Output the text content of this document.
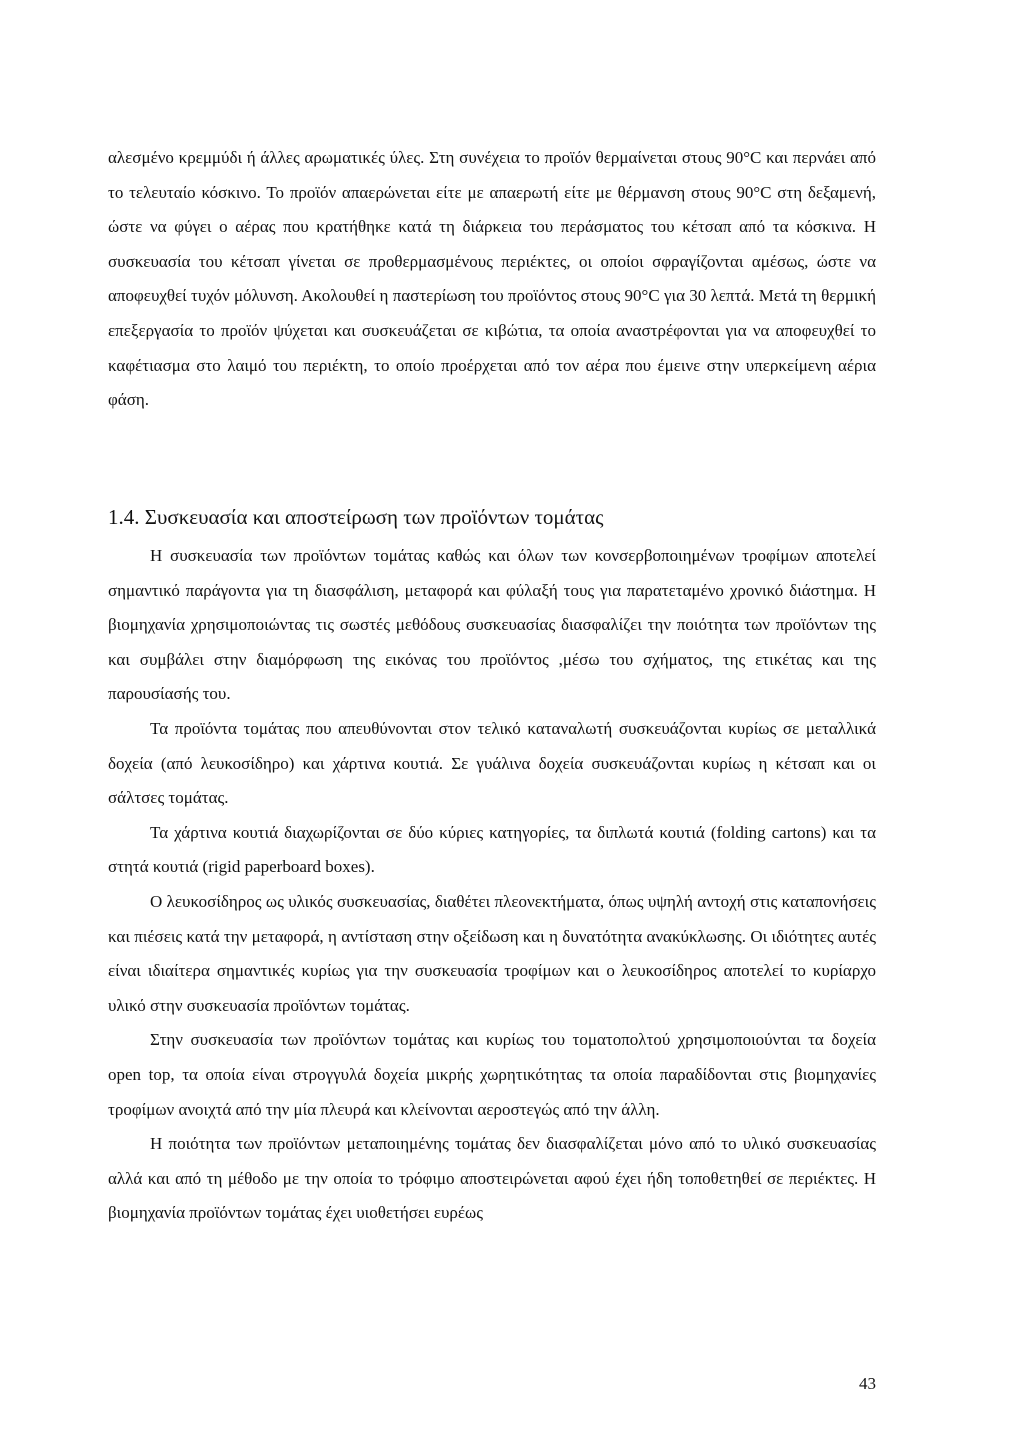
αλεσμένο κρεμμύδι ή άλλες αρωματικές ύλες. Στη συνέχεια το προϊόν θερμαίνεται στους 90°C και περνάει από το τελευταίο κόσκινο. Το προϊόν απαερώνεται είτε με απαερωτή είτε με θέρμανση στους 90°C στη δεξαμενή, ώστε να φύγει ο αέρας που κρατήθηκε κατά τη διάρκεια του περάσματος του κέτσαπ από τα κόσκινα. Η συσκευασία του κέτσαπ γίνεται σε προθερμασμένους περιέκτες, οι οποίοι σφραγίζονται αμέσως, ώστε να αποφευχθεί τυχόν μόλυνση. Ακολουθεί η παστερίωση του προϊόντος στους 90°C για 30 λεπτά. Μετά τη θερμική επεξεργασία το προϊόν ψύχεται και συσκευάζεται σε κιβώτια, τα οποία αναστρέφονται για να αποφευχθεί το καφέτιασμα στο λαιμό του περιέκτη, το οποίο προέρχεται από τον αέρα που έμεινε στην υπερκείμενη αέρια φάση.

1.4. Συσκευασία και αποστείρωση των προϊόντων τομάτας

Η συσκευασία των προϊόντων τομάτας καθώς και όλων των κονσερβοποιημένων τροφίμων αποτελεί σημαντικό παράγοντα για τη διασφάλιση, μεταφορά και φύλαξή τους για παρατεταμένο χρονικό διάστημα. Η βιομηχανία χρησιμοποιώντας τις σωστές μεθόδους συσκευασίας διασφαλίζει την ποιότητα των προϊόντων της και συμβάλει στην διαμόρφωση της εικόνας του προϊόντος ,μέσω του σχήματος, της ετικέτας και της παρουσίασής του.

Τα προϊόντα τομάτας που απευθύνονται στον τελικό καταναλωτή συσκευάζονται κυρίως σε μεταλλικά δοχεία (από λευκοσίδηρο) και χάρτινα κουτιά. Σε γυάλινα δοχεία συσκευάζονται κυρίως η κέτσαπ και οι σάλτσες τομάτας.

Τα χάρτινα κουτιά διαχωρίζονται σε δύο κύριες κατηγορίες, τα διπλωτά κουτιά (folding cartons) και τα στητά κουτιά (rigid paperboard boxes).

Ο λευκοσίδηρος ως υλικός συσκευασίας, διαθέτει πλεονεκτήματα, όπως υψηλή αντοχή στις καταπονήσεις και πιέσεις κατά την μεταφορά, η αντίσταση στην οξείδωση και η δυνατότητα ανακύκλωσης. Οι ιδιότητες αυτές είναι ιδιαίτερα σημαντικές κυρίως για την συσκευασία τροφίμων και ο λευκοσίδηρος αποτελεί το κυρίαρχο υλικό στην συσκευασία προϊόντων τομάτας.

Στην συσκευασία των προϊόντων τομάτας και κυρίως του τοματοπολτού χρησιμοποιούνται τα δοχεία open top, τα οποία είναι στρογγυλά δοχεία μικρής χωρητικότητας τα οποία παραδίδονται στις βιομηχανίες τροφίμων ανοιχτά από την μία πλευρά και κλείνονται αεροστεγώς από την άλλη.

Η ποιότητα των προϊόντων μεταποιημένης τομάτας δεν διασφαλίζεται μόνο από το υλικό συσκευασίας αλλά και από τη μέθοδο με την οποία το τρόφιμο αποστειρώνεται αφού έχει ήδη τοποθετηθεί σε περιέκτες. Η βιομηχανία προϊόντων τομάτας έχει υιοθετήσει ευρέως

43
